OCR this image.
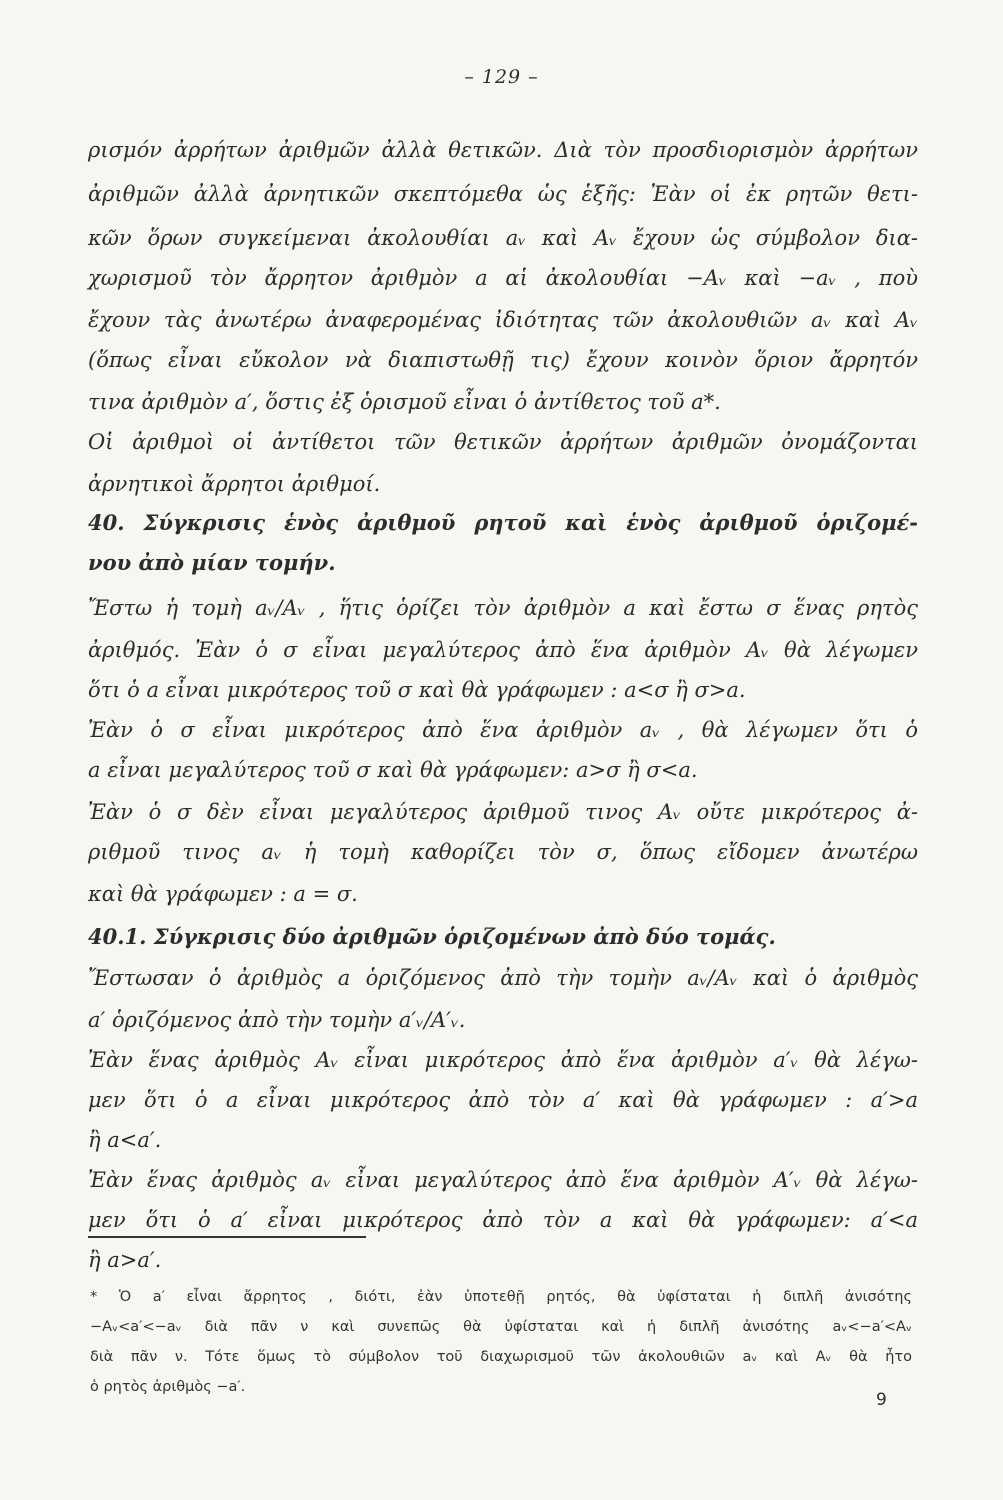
– 129 –
ρισμόν ἀρρήτων ἀριθμῶν ἀλλὰ θετικῶν. Διὰ τὸν προσδιορισμὸν ἀρρήτων
ἀριθμῶν ἀλλὰ ἀρνητικῶν σκεπτόμεθα ὡς ἑξῆς: Ἐὰν οἱ ἐκ ρητῶν θετι-
κῶν ὅρων συγκείμεναι ἀκολουθίαι aᵥ καὶ Aᵥ ἔχουν ὡς σύμβολον δια-
χωρισμοῦ τὸν ἄρρητον ἀριθμὸν a αἱ ἀκολουθίαι −Aᵥ καὶ −aᵥ , ποὺ
ἔχουν τὰς ἀνωτέρω ἀναφερομένας ἰδιότητας τῶν ἀκολουθιῶν aᵥ καὶ Aᵥ
(ὅπως εἶναι εὔκολον νὰ διαπιστωθῇ τις) ἔχουν κοινὸν ὅριον ἄρρητόν
τινα ἀριθμὸν a′, ὅστις ἐξ ὁρισμοῦ εἶναι ὁ ἀντίθετος τοῦ a*.
Οἱ ἀριθμοὶ οἱ ἀντίθετοι τῶν θετικῶν ἀρρήτων ἀριθμῶν ὀνομάζονται
ἀρνητικοὶ ἄρρητοι ἀριθμοί.
40. Σύγκρισις ἑνὸς ἀριθμοῦ ρητοῦ καὶ ἑνὸς ἀριθμοῦ ὁριζομέ-
νου ἀπὸ μίαν τομήν.
Ἔστω ἡ τομὴ aᵥ/Aᵥ , ἥτις ὁρίζει τὸν ἀριθμὸν a καὶ ἔστω σ ἕνας ρητὸς
ἀριθμός. Ἐὰν ὁ σ εἶναι μεγαλύτερος ἀπὸ ἕνα ἀριθμὸν Aᵥ θὰ λέγωμεν
ὅτι ὁ a εἶναι μικρότερος τοῦ σ καὶ θὰ γράφωμεν : a<σ ἢ σ>a.
Ἐὰν ὁ σ εἶναι μικρότερος ἀπὸ ἕνα ἀριθμὸν aᵥ , θὰ λέγωμεν ὅτι ὁ
a εἶναι μεγαλύτερος τοῦ σ καὶ θὰ γράφωμεν: a>σ ἢ σ<a.
Ἐὰν ὁ σ δὲν εἶναι μεγαλύτερος ἀριθμοῦ τινος Aᵥ οὔτε μικρότερος ἀ-
ριθμοῦ τινος aᵥ ἡ τομὴ καθορίζει τὸν σ, ὅπως εἴδομεν ἀνωτέρω
καὶ θὰ γράφωμεν : a = σ.
40.1. Σύγκρισις δύο ἀριθμῶν ὁριζομένων ἀπὸ δύο τομάς.
Ἔστωσαν ὁ ἀριθμὸς a ὁριζόμενος ἀπὸ τὴν τομὴν aᵥ/Aᵥ καὶ ὁ ἀριθμὸς
a′ ὁριζόμενος ἀπὸ τὴν τομὴν a′ᵥ/A′ᵥ.
Ἐὰν ἕνας ἀριθμὸς Aᵥ εἶναι μικρότερος ἀπὸ ἕνα ἀριθμὸν a′ᵥ θὰ λέγω-
μεν ὅτι ὁ a εἶναι μικρότερος ἀπὸ τὸν a′ καὶ θὰ γράφωμεν : a′>a
ἢ a<a′.
Ἐὰν ἕνας ἀριθμὸς aᵥ εἶναι μεγαλύτερος ἀπὸ ἕνα ἀριθμὸν A′ᵥ θὰ λέγω-
μεν ὅτι ὁ a′ εἶναι μικρότερος ἀπὸ τὸν a καὶ θὰ γράφωμεν: a′<a
ἢ a>a′.
* Ὁ a′ εἶναι ἄρρητος , διότι, ἐὰν ὑποτεθῇ ρητός, θὰ ὑφίσταται ἡ διπλῆ ἀνισότης
−Aᵥ<a′<−aᵥ διὰ πᾶν ν καὶ συνεπῶς θὰ ὑφίσταται καὶ ἡ διπλῆ ἀνισότης aᵥ<−a′<Aᵥ
διὰ πᾶν ν. Τότε ὅμως τὸ σύμβολον τοῦ διαχωρισμοῦ τῶν ἀκολουθιῶν aᵥ καὶ Aᵥ θὰ ἦτο
ὁ ρητὸς ἀριθμὸς −a′.
9
